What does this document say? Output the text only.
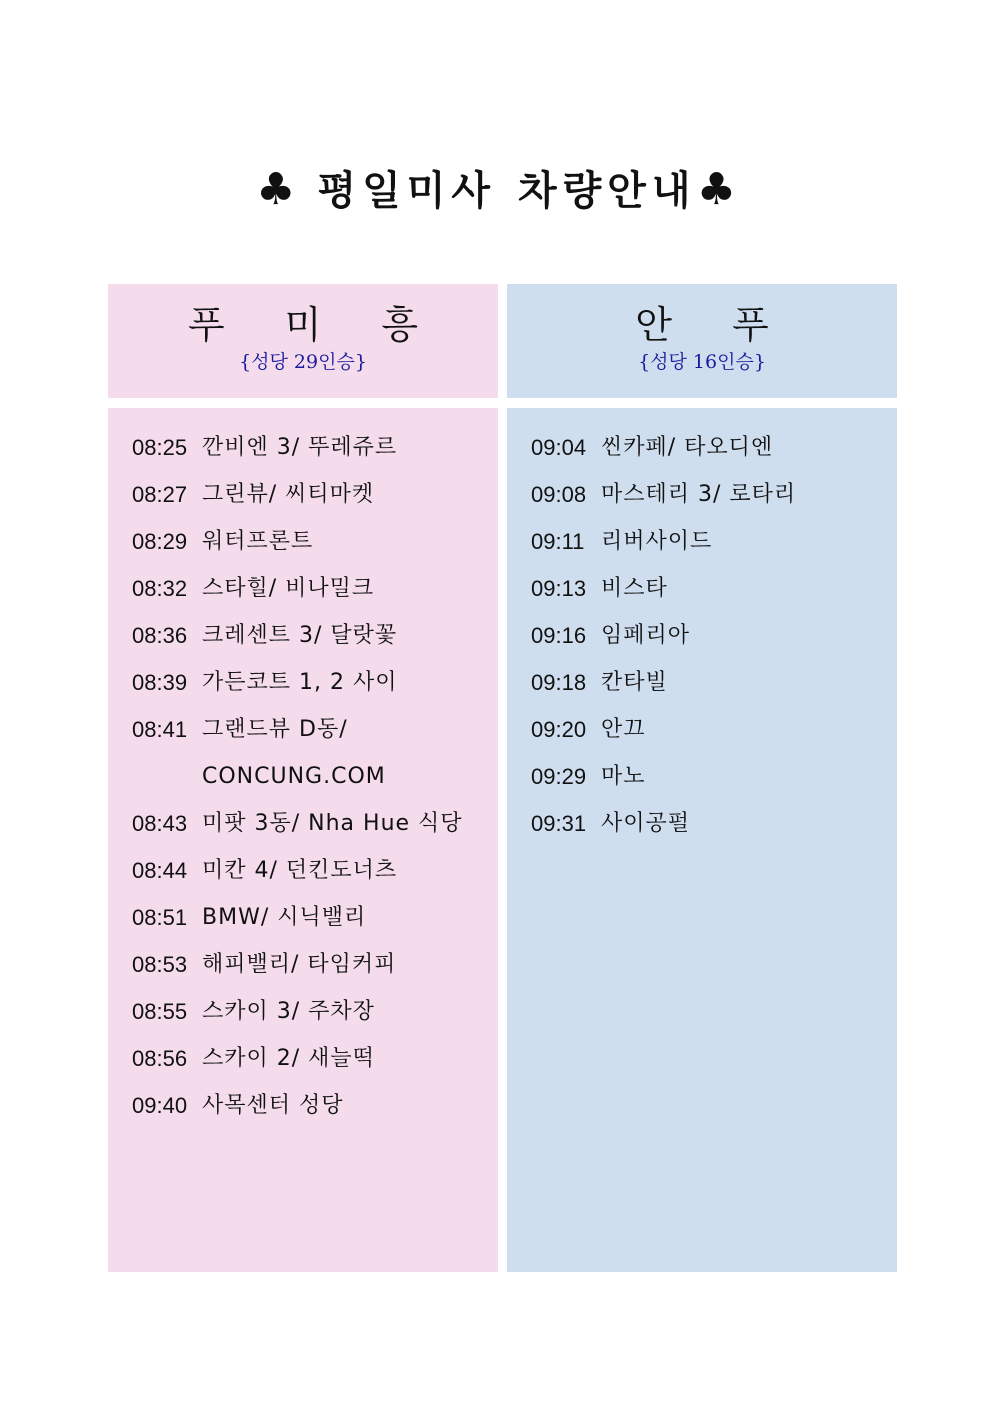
♣ 평일미사 차량안내♣
푸 미 흥
{성당 29인승}
안 푸
{성당 16인승}
08:25 깐비엔 3/ 뚜레쥬르
08:27 그린뷰/ 씨티마켓
08:29 워터프론트
08:32 스타힐/ 비나밀크
08:36 크레센트 3/ 달랏꽃
08:39 가든코트 1, 2 사이
08:41 그랜드뷰 D동/
CONCUNG.COM
08:43 미팟 3동/ Nha Hue 식당
08:44 미칸 4/ 던킨도너츠
08:51 BMW/ 시닉밸리
08:53 해피밸리/ 타임커피
08:55 스카이 3/ 주차장
08:56 스카이 2/ 새늘떡
09:40 사목센터 성당
09:04 씬카페/ 타오디엔
09:08 마스테리 3/ 로타리
09:11 리버사이드
09:13 비스타
09:16 임페리아
09:18 칸타빌
09:20 안끄
09:29 마노
09:31 사이공펄
